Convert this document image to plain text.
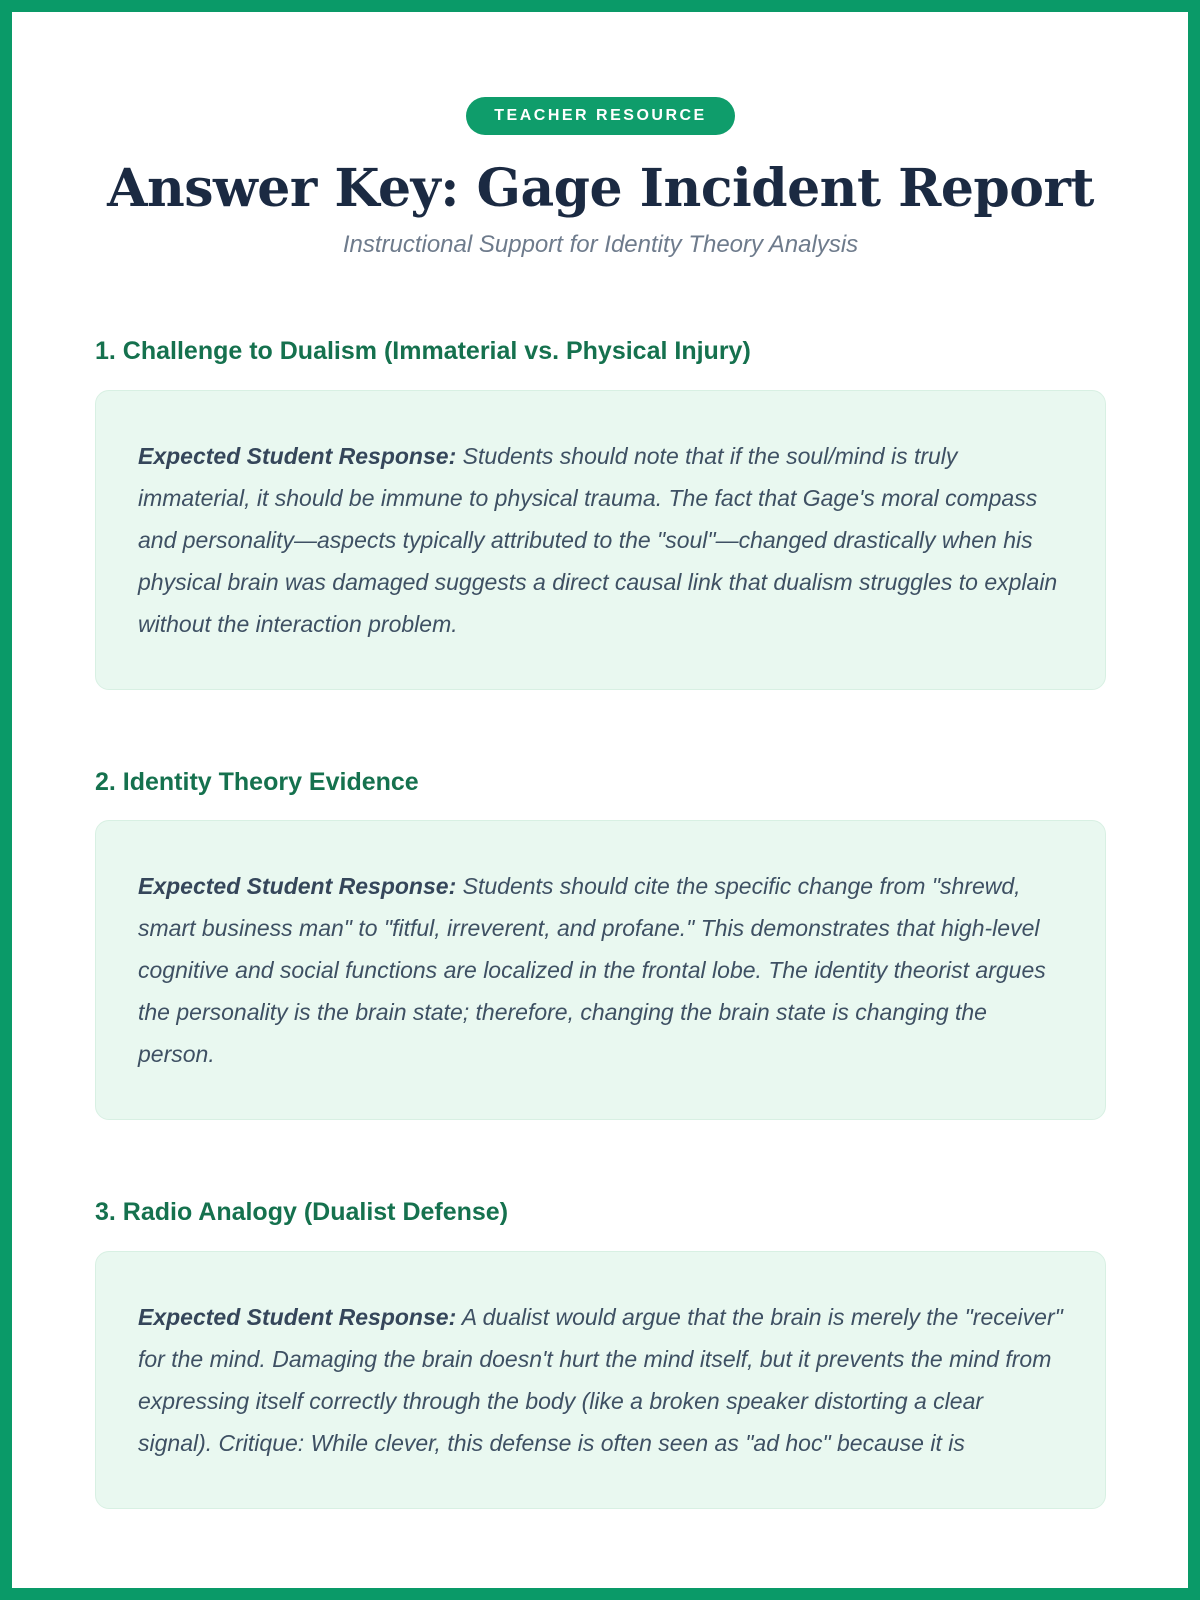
TEACHER RESOURCE
Answer Key: Gage Incident Report

Instructional Support for Identity Theory Analysis

1. Challenge to Dualism (Immaterial vs. Physical Injury)
Expected Student Response: Students should note that if the soul/mind is truly immaterial, it should be immune to physical trauma. The fact that Gage's moral compass and personality—aspects typically attributed to the "soul"—changed drastically when his physical brain was damaged suggests a direct causal link that dualism struggles to explain without the interaction problem.
2. Identity Theory Evidence
Expected Student Response: Students should cite the specific change from "shrewd, smart business man" to "fitful, irreverent, and profane." This demonstrates that high-level cognitive and social functions are localized in the frontal lobe. The identity theorist argues the personality is the brain state; therefore, changing the brain state is changing the person.
3. Radio Analogy (Dualist Defense)
Expected Student Response: A dualist would argue that the brain is merely the "receiver" for the mind. Damaging the brain doesn't hurt the mind itself, but it prevents the mind from expressing itself correctly through the body (like a broken speaker distorting a clear signal). Critique: While clever, this defense is often seen as "ad hoc" because it is
